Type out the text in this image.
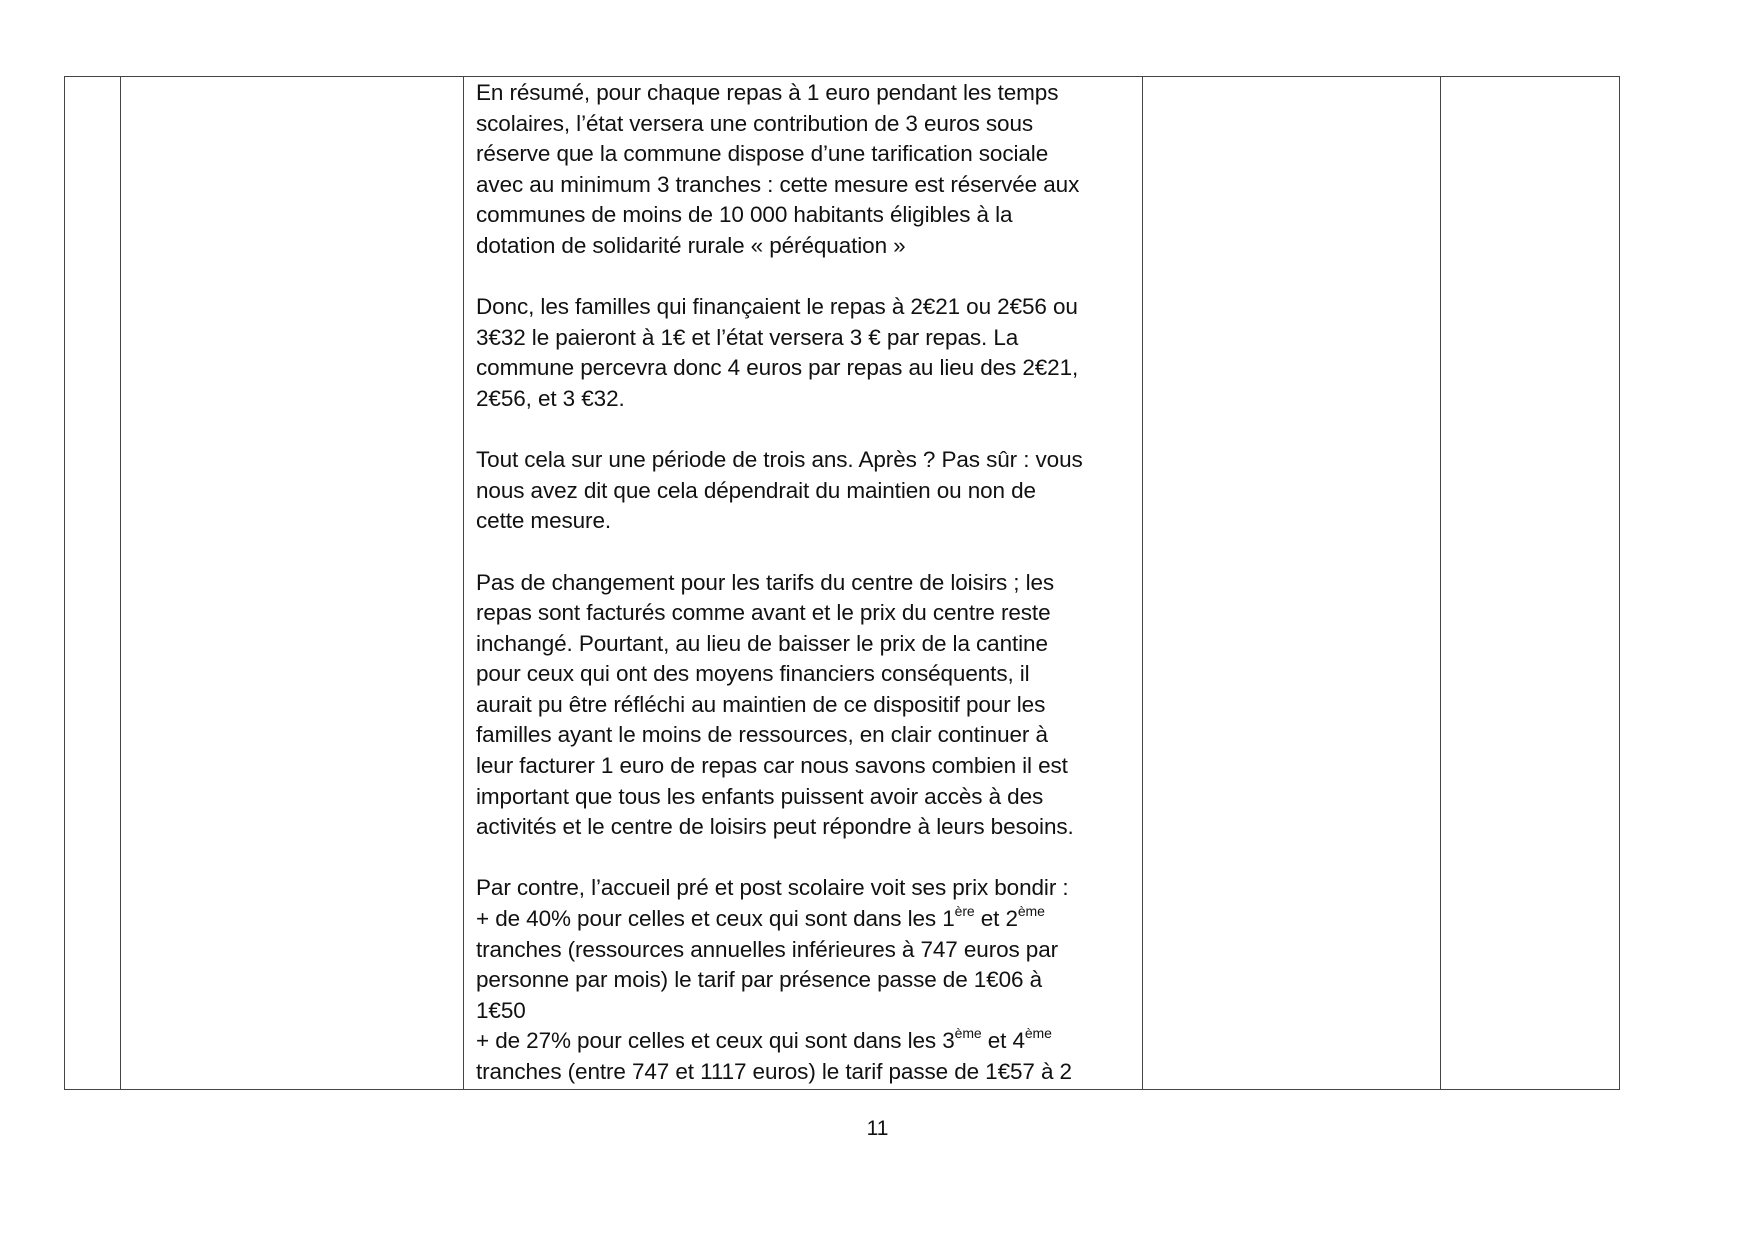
En résumé, pour chaque repas à 1 euro pendant les temps
scolaires, l’état versera une contribution de 3 euros sous
réserve que la commune dispose d’une tarification sociale
avec au minimum 3 tranches : cette mesure est réservée aux
communes de moins de 10 000 habitants éligibles à la
dotation de solidarité rurale « péréquation »
Donc, les familles qui finançaient le repas à 2€21 ou 2€56 ou
3€32 le paieront à 1€ et l’état versera 3 € par repas. La
commune percevra donc 4 euros par repas au lieu des 2€21,
2€56, et 3 €32.
Tout cela sur une période de trois ans. Après ? Pas sûr : vous
nous avez dit que cela dépendrait du maintien ou non de
cette mesure.
Pas de changement pour les tarifs du centre de loisirs ; les
repas sont facturés comme avant et le prix du centre reste
inchangé. Pourtant, au lieu de baisser le prix de la cantine
pour ceux qui ont des moyens financiers conséquents, il
aurait pu être réfléchi au maintien de ce dispositif pour les
familles ayant le moins de ressources, en clair continuer à
leur facturer 1 euro de repas car nous savons combien il est
important que tous les enfants puissent avoir accès à des
activités et le centre de loisirs peut répondre à leurs besoins.
Par contre, l’accueil pré et post scolaire voit ses prix bondir :
+ de 40% pour celles et ceux qui sont dans les 1ère et 2ème
tranches (ressources annuelles inférieures à 747 euros par
personne par mois) le tarif par présence passe de 1€06 à
1€50
+ de 27% pour celles et ceux qui sont dans les 3ème et 4ème
tranches (entre 747 et 1117 euros) le tarif passe de 1€57 à 2

11
